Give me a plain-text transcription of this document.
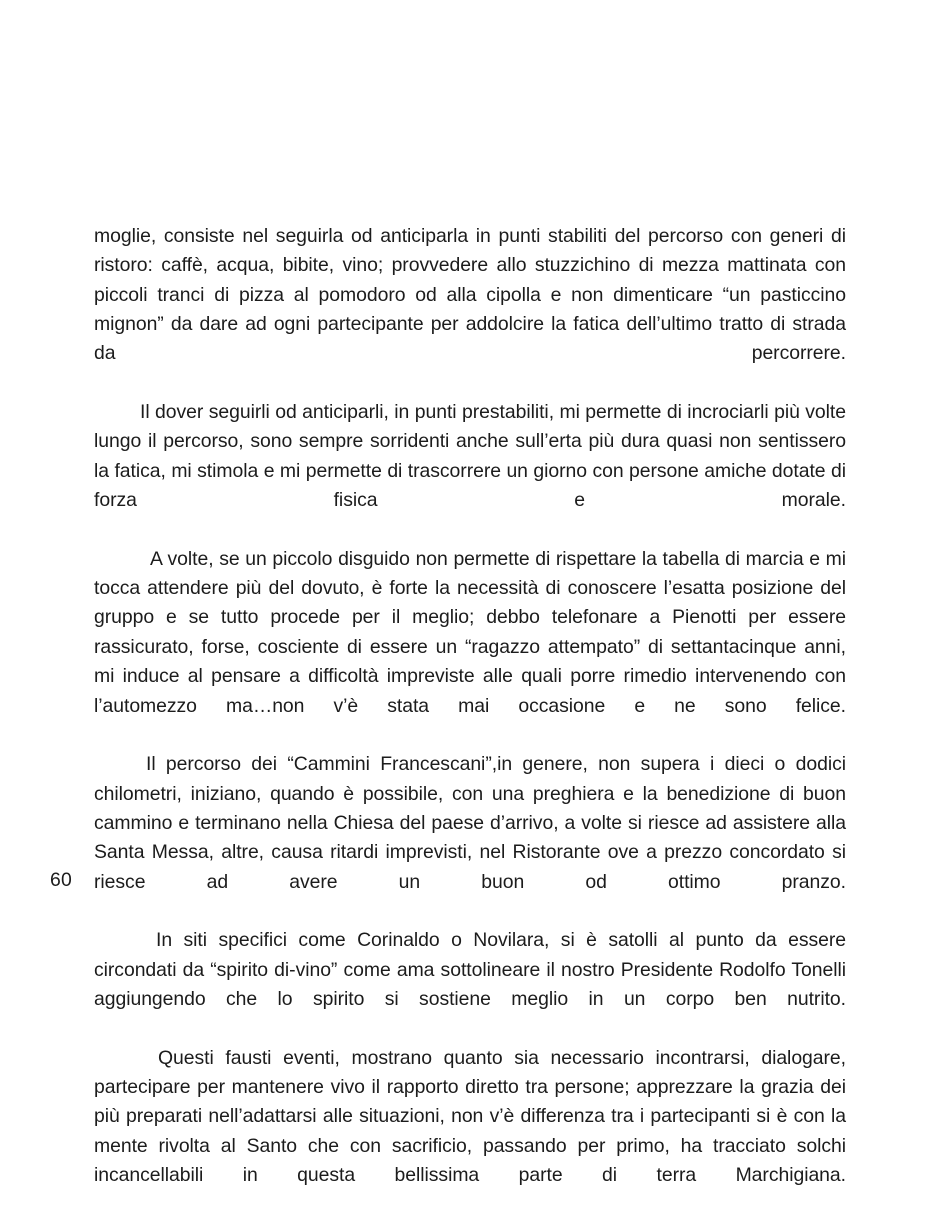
moglie, consiste nel seguirla od anticiparla in punti stabiliti del percorso con generi di ristoro: caffè, acqua, bibite, vino; provvedere allo stuzzichino di mezza mattinata con piccoli tranci di pizza al pomodoro od alla cipolla e non dimenticare “un pasticcino mignon” da dare ad ogni partecipante per addolcire la fatica dell’ultimo tratto di strada da percorrere.

Il dover seguirli od anticiparli, in punti prestabiliti, mi permette di incrociarli più volte lungo il percorso, sono sempre sorridenti anche sull’erta più dura quasi non sentissero la fatica, mi stimola e mi permette di trascorrere un giorno con persone amiche dotate di forza fisica e morale.

A volte, se un piccolo disguido non permette di rispettare la tabella di marcia e mi tocca attendere più del dovuto, è forte la necessità di conoscere l’esatta posizione del gruppo e se tutto procede per il meglio; debbo telefonare a Pienotti per essere rassicurato, forse, cosciente di essere un “ragazzo attempato” di settantacinque anni, mi induce al pensare a difficoltà impreviste alle quali porre rimedio intervenendo con l’automezzo ma…non v’è stata mai occasione e ne sono felice.

Il percorso dei “Cammini Francescani”,in genere, non supera i dieci o dodici chilometri, iniziano, quando è possibile, con una preghiera e la benedizione di buon cammino e terminano nella Chiesa del paese d’arrivo, a volte si riesce ad assistere alla Santa Messa, altre, causa ritardi imprevisti, nel Ristorante ove a prezzo concordato si riesce ad avere un buon od ottimo pranzo.

In siti specifici come Corinaldo o Novilara, si è satolli al punto da essere circondati da “spirito di-vino” come ama sottolineare il nostro Presidente Rodolfo Tonelli aggiungendo che lo spirito si sostiene meglio in un corpo ben nutrito.

Questi fausti eventi, mostrano quanto sia necessario incontrarsi, dialogare, partecipare per mantenere vivo il rapporto diretto tra persone; apprezzare la grazia dei più preparati nell’adattarsi alle situazioni, non v’è differenza tra i partecipanti si è con la mente rivolta al Santo che con sacrificio, passando per primo, ha tracciato solchi incancellabili in questa bellissima parte di terra Marchigiana.

60
